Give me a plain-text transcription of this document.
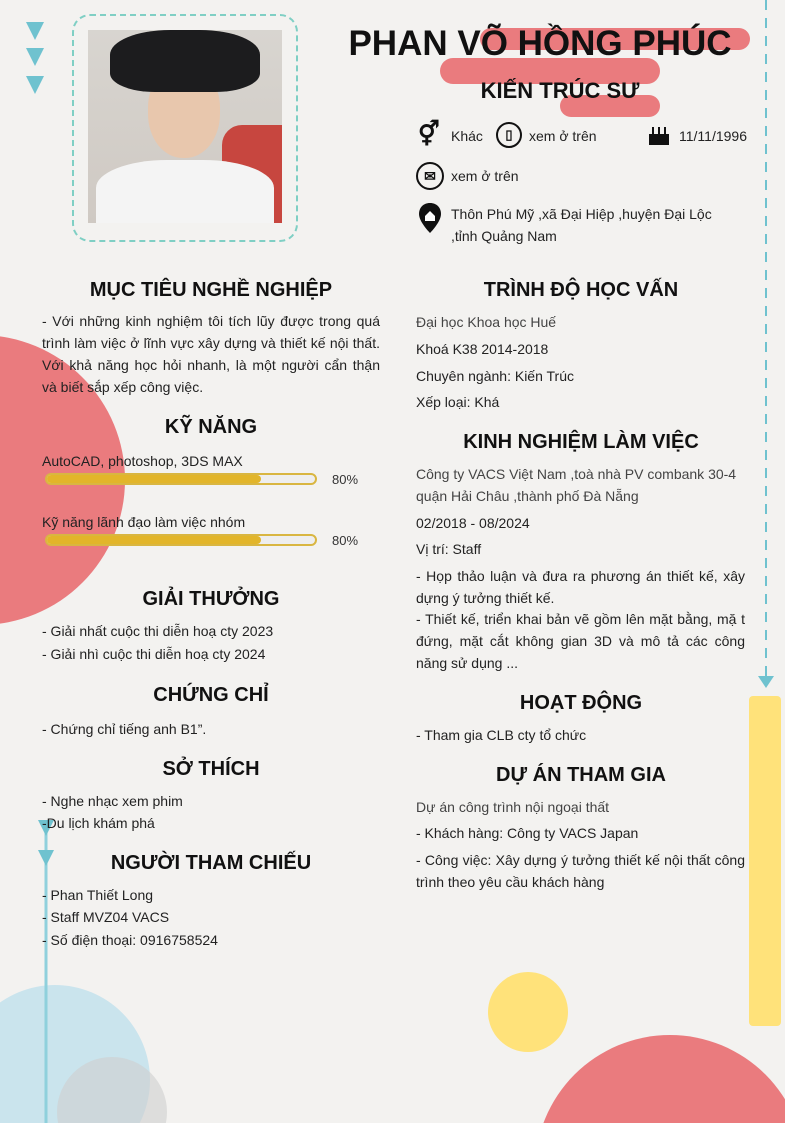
PHAN VÕ HỒNG PHÚC
KIẾN TRÚC SƯ
⚥ Khác	▯	xem ở trên	11/11/1996
✉	xem ở trên
Thôn Phú Mỹ ,xã Đại Hiệp ,huyện Đại Lộc ,tỉnh Quảng Nam
MỤC TIÊU NGHỀ NGHIỆP
- Với những kinh nghiệm tôi tích lũy được trong quá trình làm việc ở lĩnh vực xây dựng và thiết kế nội thất. Với khả năng học hỏi nhanh, là một người cẩn thận và biết sắp xếp công việc.
KỸ NĂNG
AutoCAD, photoshop, 3DS MAX
80%
Kỹ năng lãnh đạo làm việc nhóm
80%
GIẢI THƯỞNG
- Giải nhất cuộc thi diễn hoạ cty 2023
- Giải nhì cuộc thi diễn hoạ cty 2024
CHỨNG CHỈ
- Chứng chỉ tiếng anh B1”.
SỞ THÍCH
- Nghe nhạc xem phim
-Du lịch khám phá
NGƯỜI THAM CHIẾU
- Phan Thiết Long
- Staff MVZ04 VACS
- Số điện thoại: 0916758524
TRÌNH ĐỘ HỌC VẤN
Đại học Khoa học Huế
Khoá K38 2014-2018
Chuyên ngành: Kiến Trúc
Xếp loại: Khá
KINH NGHIỆM LÀM VIỆC
Công ty VACS Việt Nam ,toà nhà PV combank 30-4 quận Hải Châu ,thành phố Đà Nẵng
02/2018 - 08/2024
Vị trí: Staff
- Họp thảo luận và đưa ra phương án thiết kế, xây dựng ý tưởng thiết kế.
- Thiết kế, triển khai bản vẽ gồm lên mặt bằng, mặ t đứng, mặt cắt không gian 3D và mô tả các công năng sử dụng ...
HOẠT ĐỘNG
- Tham gia CLB cty tổ chức
DỰ ÁN THAM GIA
Dự án công trình nội ngoại thất
- Khách hàng: Công ty VACS Japan
- Công việc: Xây dựng ý tưởng thiết kế nội thất công trình theo yêu cầu khách hàng
